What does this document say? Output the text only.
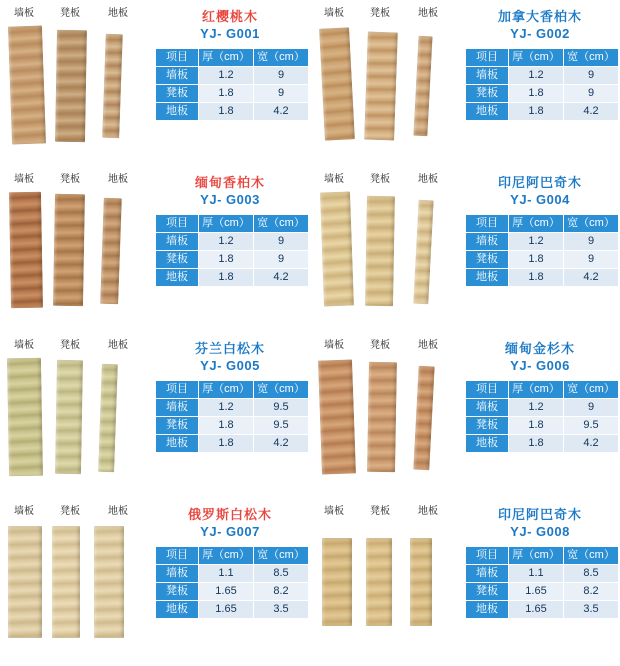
墙板	凳板	地板	红樱桃木
YJ- G001
项目	厚（cm）	宽（cm）
墙板	1.2	9
凳板	1.8	9
地板	1.8	4.2
墙板	凳板	地板	加拿大香柏木
YJ- G002
项目	厚（cm）	宽（cm）
墙板	1.2	9
凳板	1.8	9
地板	1.8	4.2
墙板	凳板	地板	缅甸香柏木
YJ- G003
项目	厚（cm）	宽（cm）
墙板	1.2	9
凳板	1.8	9
地板	1.8	4.2
墙板	凳板	地板	印尼阿巴奇木
YJ- G004
项目	厚（cm）	宽（cm）
墙板	1.2	9
凳板	1.8	9
地板	1.8	4.2
墙板	凳板	地板	芬兰白松木
YJ- G005
项目	厚（cm）	宽（cm）
墙板	1.2	9.5
凳板	1.8	9.5
地板	1.8	4.2
墙板	凳板	地板	缅甸金杉木
YJ- G006
项目	厚（cm）	宽（cm）
墙板	1.2	9
凳板	1.8	9.5
地板	1.8	4.2
墙板	凳板	地板	俄罗斯白松木
YJ- G007
项目	厚（cm）	宽（cm）
墙板	1.1	8.5
凳板	1.65	8.2
地板	1.65	3.5
墙板	凳板	地板	印尼阿巴奇木
YJ- G008
项目	厚（cm）	宽（cm）
墙板	1.1	8.5
凳板	1.65	8.2
地板	1.65	3.5
